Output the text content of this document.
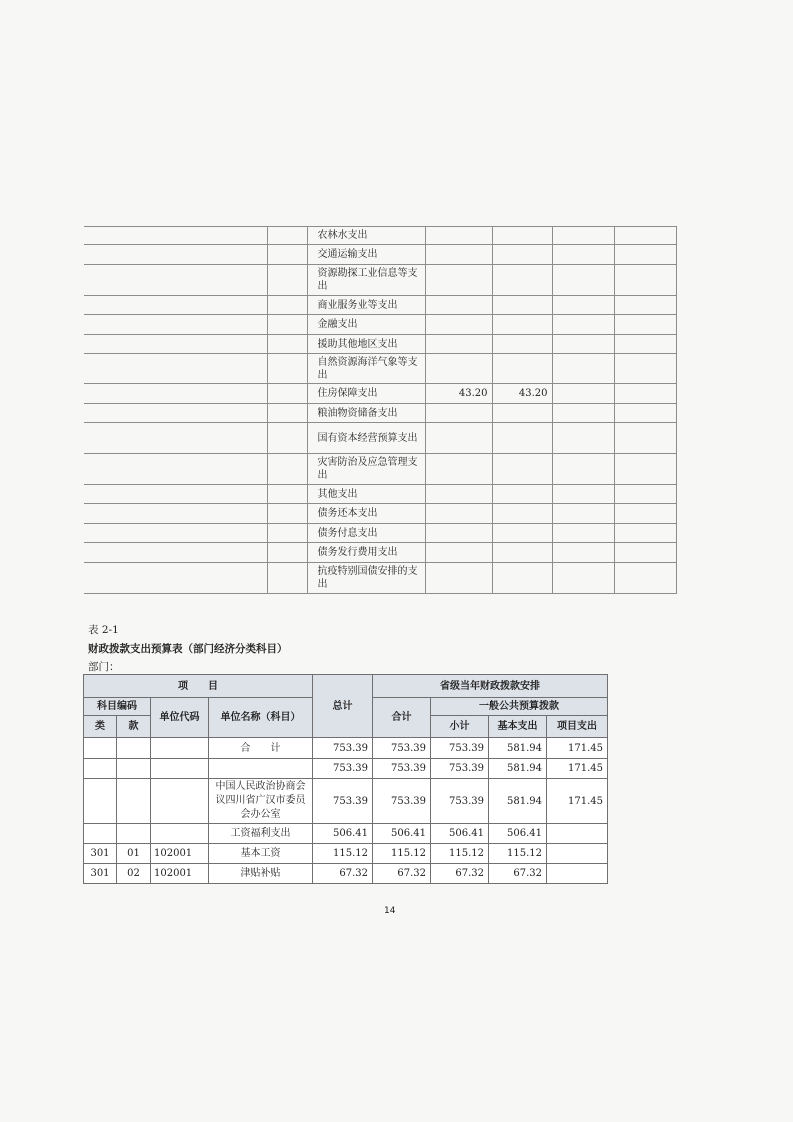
		农林水支出				
		交通运输支出				
		资源勘探工业信息等支出				
		商业服务业等支出				
		金融支出				
		援助其他地区支出				
		自然资源海洋气象等支出				
		住房保障支出	43.20	43.20		
		粮油物资储备支出				
		国有资本经营预算支出				
		灾害防治及应急管理支出				
		其他支出				
		债务还本支出				
		债务付息支出				
		债务发行费用支出				
		抗疫特别国债安排的支出				
表 2-1
财政拨款支出预算表（部门经济分类科目）
部门：
项　　目				总计	省级当年财政拨款安排			
科目编码		单位代码	单位名称（科目）		合计	一般公共预算拨款		
类	款					小计	基本支出	项目支出
			合　　计	753.39	753.39	753.39	581.94	171.45
				753.39	753.39	753.39	581.94	171.45
			中国人民政治协商会议四川省广汉市委员会办公室	753.39	753.39	753.39	581.94	171.45
			工资福利支出	506.41	506.41	506.41	506.41	
301	01	102001	基本工资	115.12	115.12	115.12	115.12	
301	02	102001	津贴补贴	67.32	67.32	67.32	67.32	
14
